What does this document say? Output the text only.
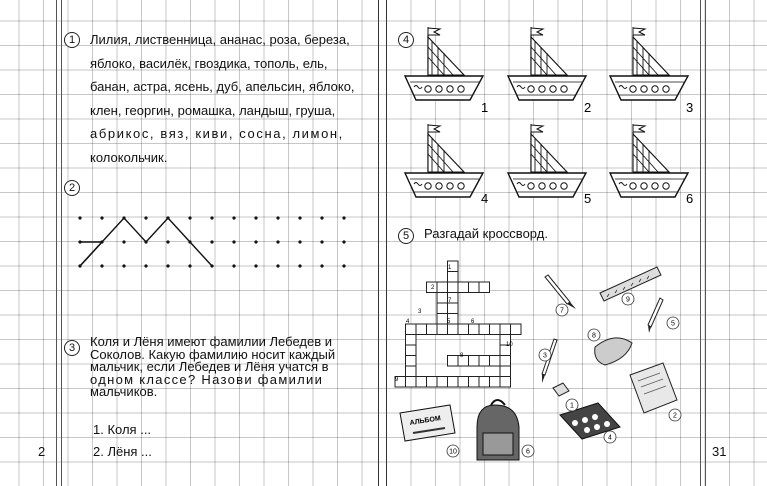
2	31
1	Лилия, лиственница, ананас, роза, береза,
яблоко, василёк, гвоздика, тополь, ель,
банан, астра, ясень, дуб, апельсин, яблоко,
клен, георгин, ромашка, ландыш, груша,
абрикос, вяз, киви, сосна, лимон,
колокольчик.
2
3	Коля и Лёня имеют фамилии Лебедев и
Соколов. Какую фамилию носит каждый
мальчик, если Лебедев и Лёня учатся в
одном классе? Назови фамилии
мальчиков.
1. Коля ...
2. Лёня ...
4
1	2	3
4	5	6
5	Разгадай кроссворд.
1
2
3
4	5	6
7
8
9
10
АЛЬБОМ
1
2
3
4
5
6
7
8
9
10
